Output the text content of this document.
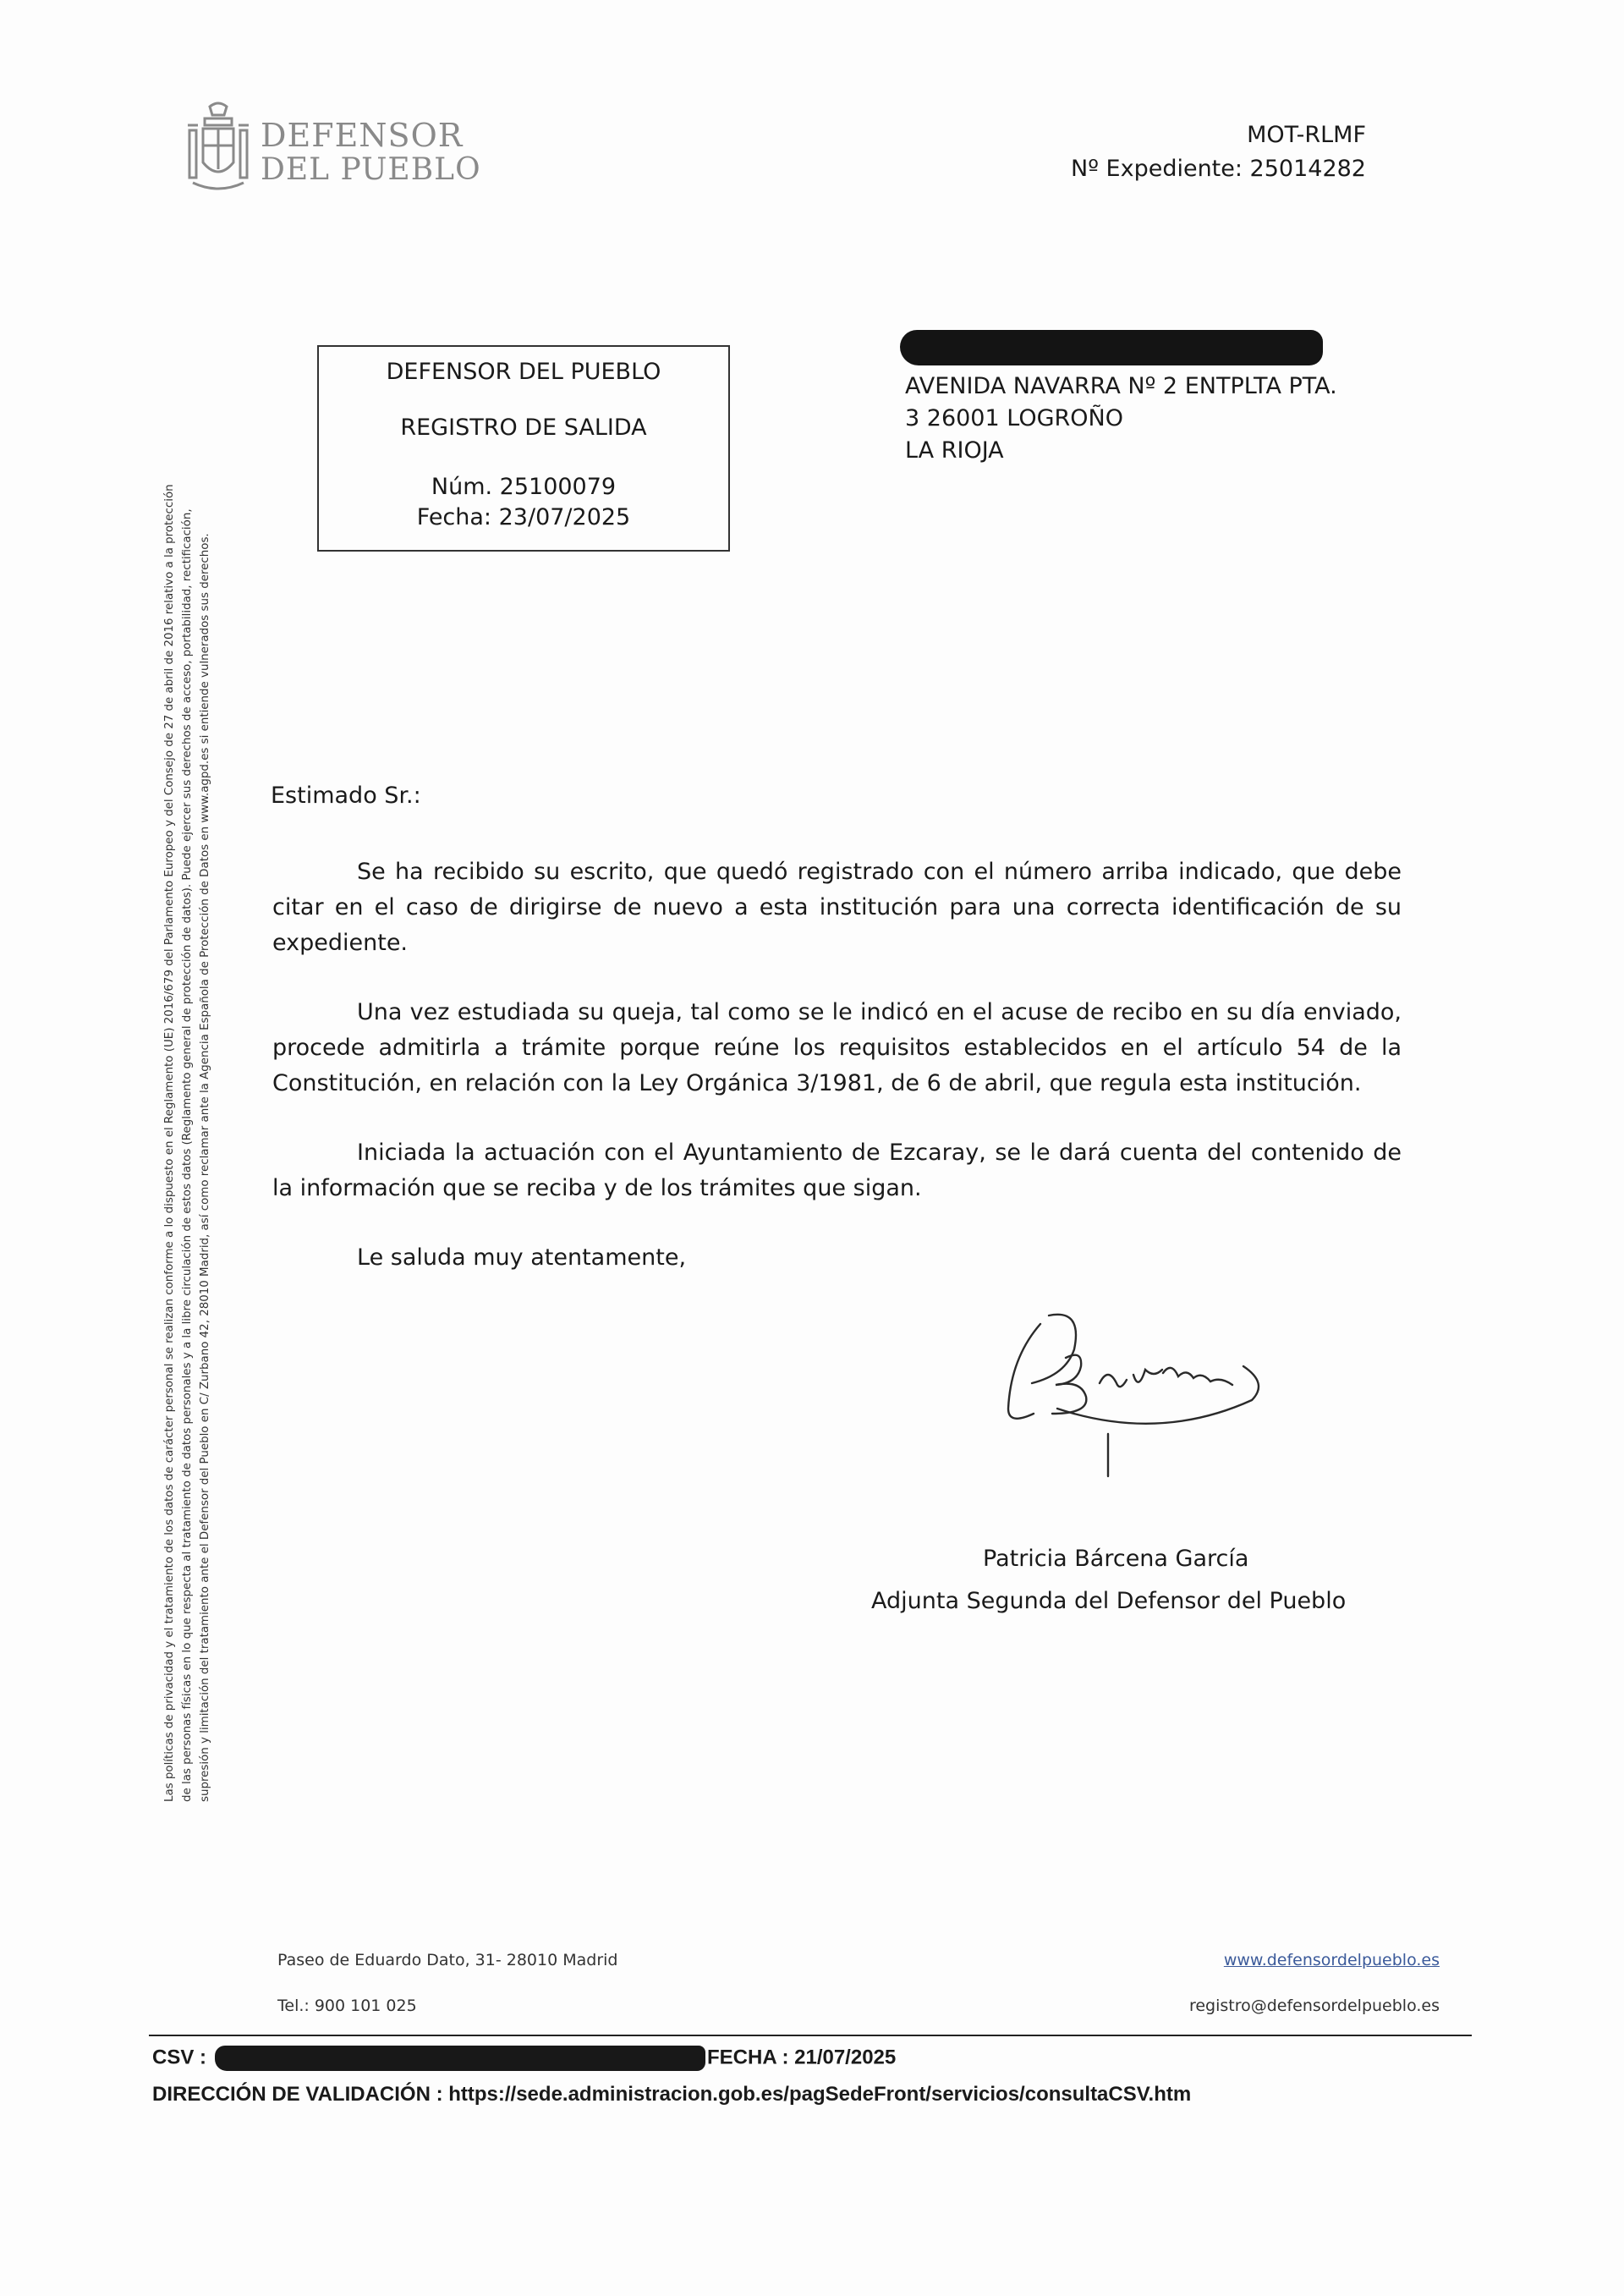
DEFENSOR
DEL PUEBLO
MOT-RLMF
Nº Expediente: 25014282
DEFENSOR DEL PUEBLO
REGISTRO DE SALIDA
Núm. 25100079
Fecha: 23/07/2025
AVENIDA NAVARRA Nº 2 ENTPLTA PTA.
3 26001 LOGROÑO
LA RIOJA
Las políticas de privacidad y el tratamiento de los datos de carácter personal se realizan conforme a lo dispuesto en el Reglamento (UE) 2016/679 del Parlamento Europeo y del Consejo de 27 de abril de 2016 relativo a la protección de las personas físicas en lo que respecta al tratamiento de datos personales y a la libre circulación de estos datos (Reglamento general de protección de datos). Puede ejercer sus derechos de acceso, portabilidad, rectificación, supresión y limitación del tratamiento ante el Defensor del Pueblo en C/ Zurbano 42, 28010 Madrid, así como reclamar ante la Agencia Española de Protección de Datos en www.agpd.es si entiende vulnerados sus derechos.	Estimado Sr.:

Se ha recibido su escrito, que quedó registrado con el número arriba indicado, que debe citar en el caso de dirigirse de nuevo a esta institución para una correcta identificación de su expediente.

Una vez estudiada su queja, tal como se le indicó en el acuse de recibo en su día enviado, procede admitirla a trámite porque reúne los requisitos establecidos en el artículo 54 de la Constitución, en relación con la Ley Orgánica 3/1981, de 6 de abril, que regula esta institución.

Iniciada la actuación con el Ayuntamiento de Ezcaray, se le dará cuenta del contenido de la información que se reciba y de los trámites que sigan.

Le saluda muy atentamente,

Patricia Bárcena García
Adjunta Segunda del Defensor del Pueblo
Paseo de Eduardo Dato, 31- 28010 Madrid
Tel.: 900 101 025
www.defensordelpueblo.es
registro@defensordelpueblo.es
CSV :	FECHA : 21/07/2025
DIRECCIÓN DE VALIDACIÓN : https://sede.administracion.gob.es/pagSedeFront/servicios/consultaCSV.htm
